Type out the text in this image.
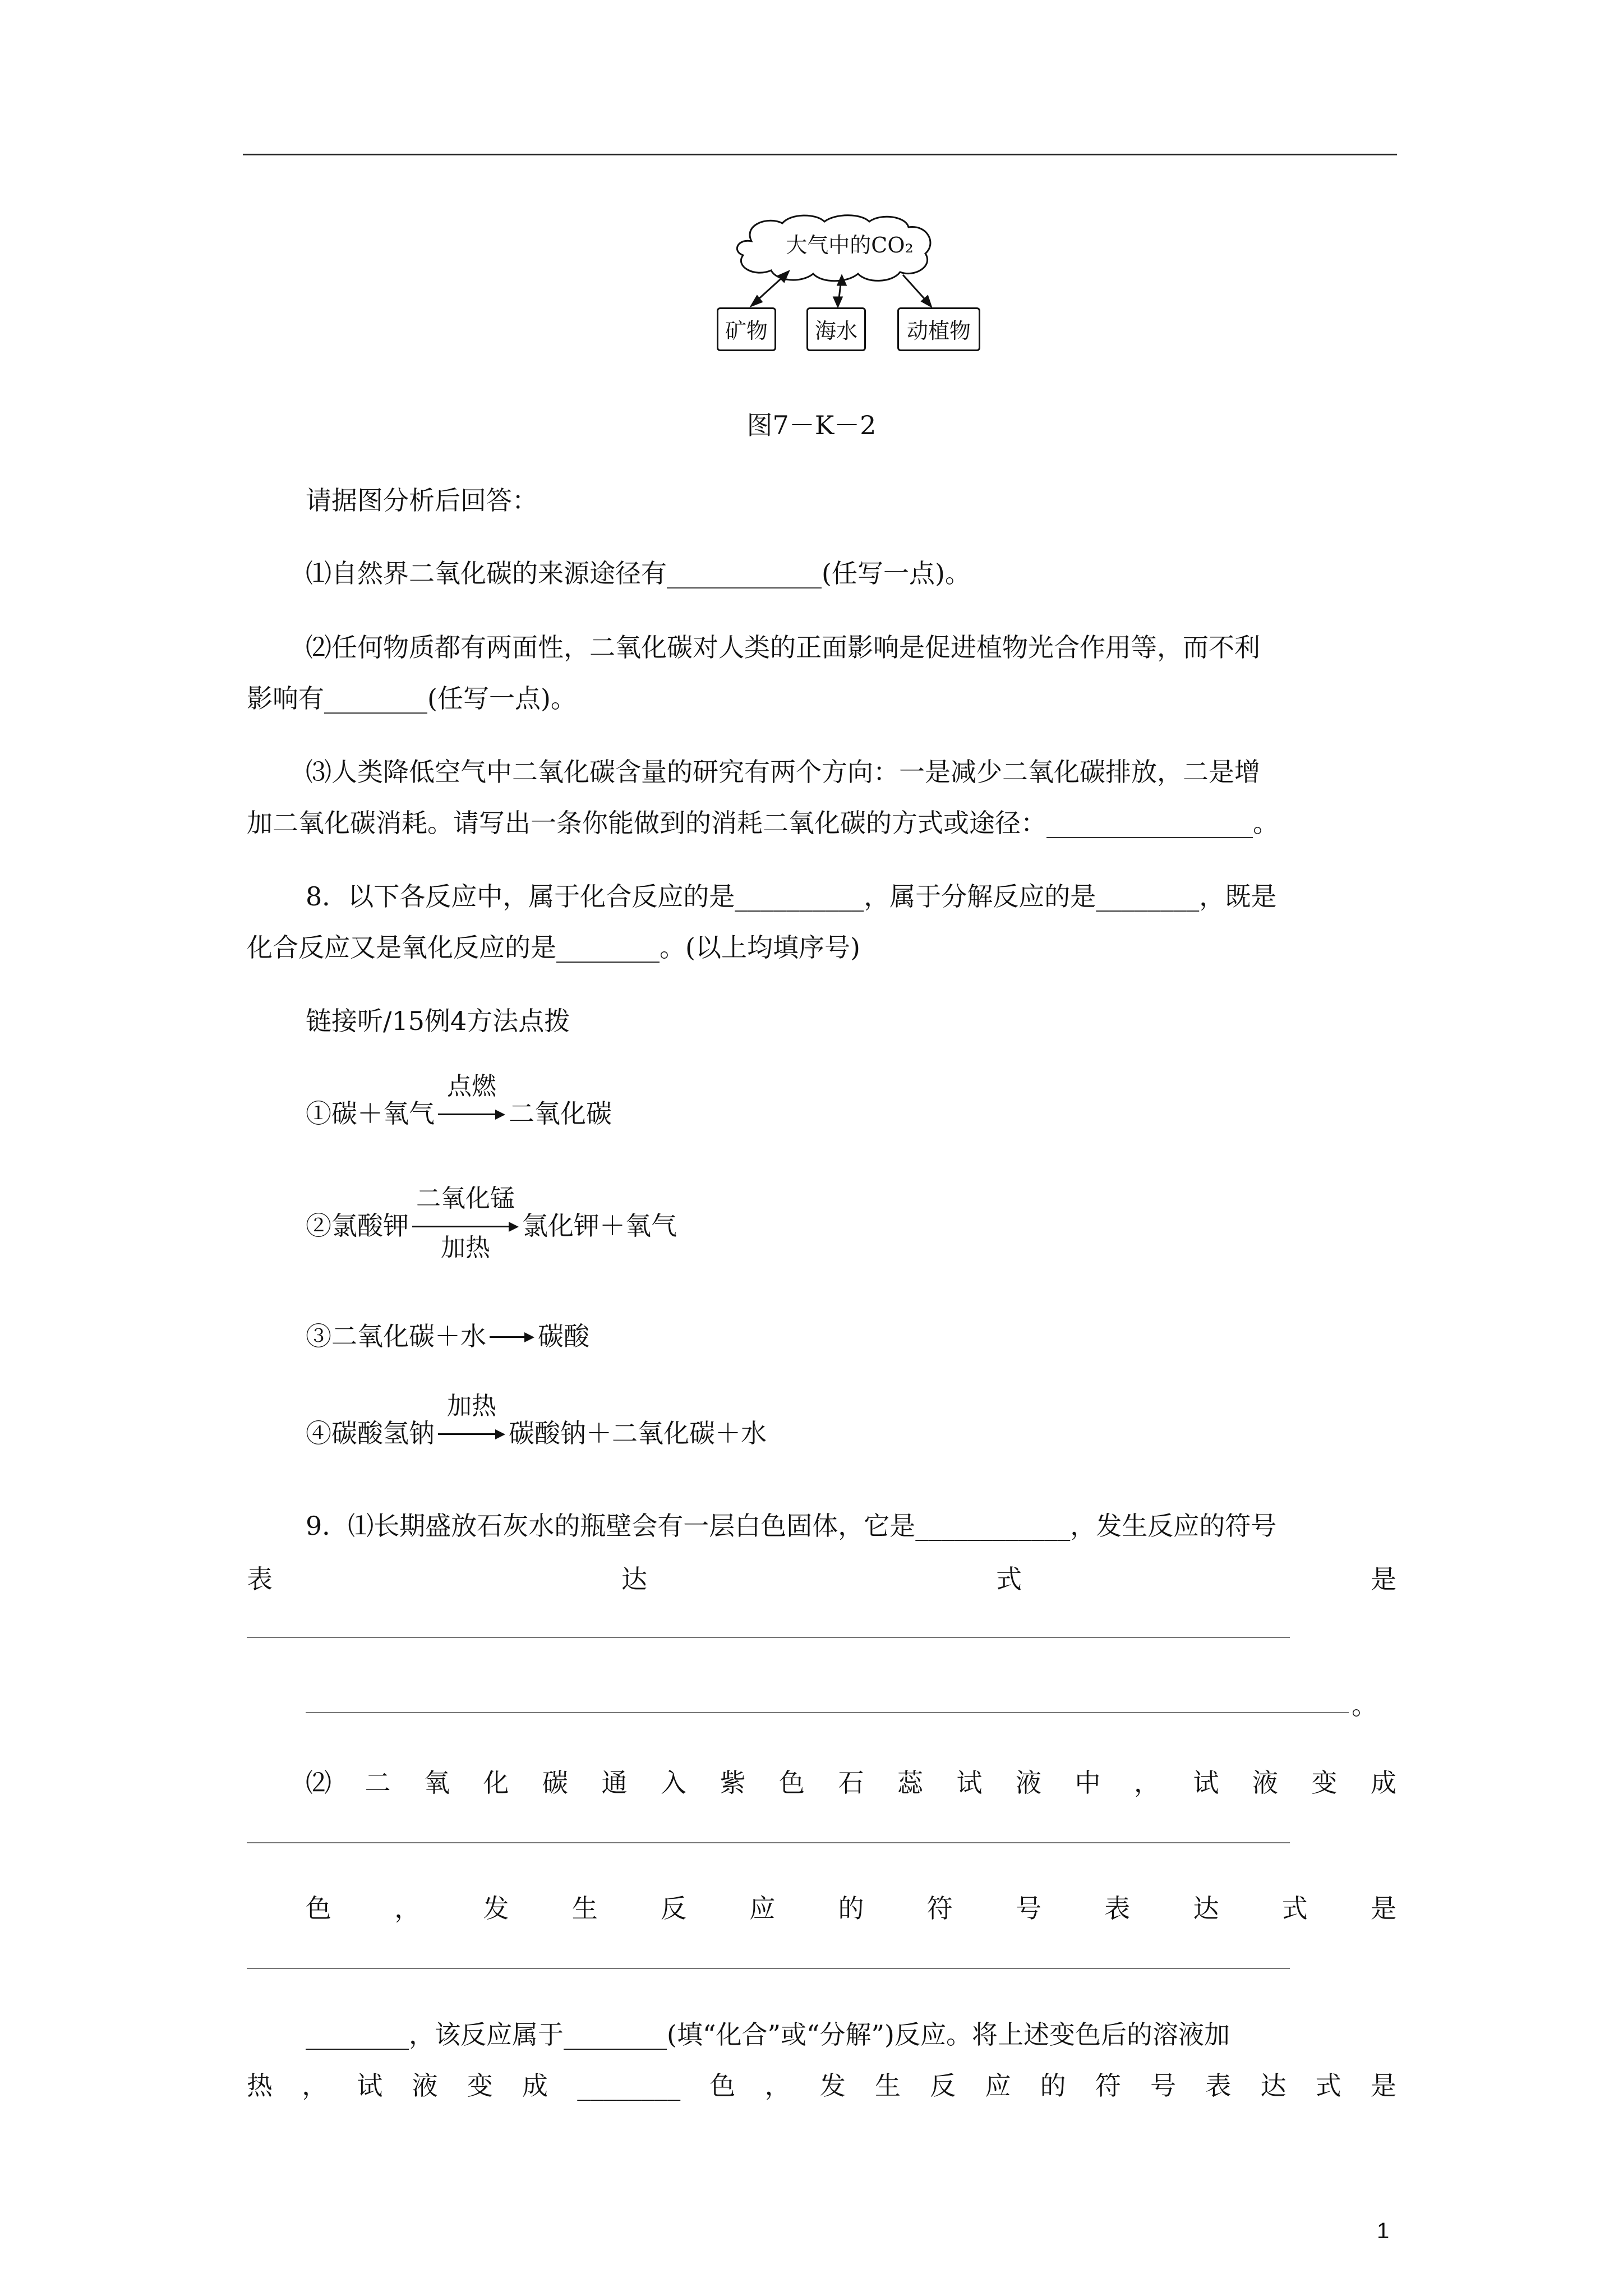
大气中的CO₂
矿物	海水	动植物
图7－K－2
请据图分析后回答：
⑴自然界二氧化碳的来源途径有____________(任写一点)。
⑵任何物质都有两面性，二氧化碳对人类的正面影响是促进植物光合作用等，而不利
影响有________(任写一点)。
⑶人类降低空气中二氧化碳含量的研究有两个方向：一是减少二氧化碳排放，二是增
加二氧化碳消耗。请写出一条你能做到的消耗二氧化碳的方式或途径：________________。
8．以下各反应中，属于化合反应的是__________，属于分解反应的是________，既是
化合反应又是氧化反应的是________。(以上均填序号)
链接听/15例4方法点拨
①碳＋氧气
点燃
二氧化碳
②氯酸钾
二氧化锰
加热
氯化钾＋氧气
③二氧化碳＋水 碳酸
④碳酸氢钠
加热
碳酸钠＋二氧化碳＋水
9．⑴长期盛放石灰水的瓶壁会有一层白色固体，它是____________，发生反应的符号
表	达	式	是
。
⑵ 二 氧 化 碳 通 入 紫 色 石 蕊 试 液 中 ， 试 液 变 成
色 ， 发 生 反 应 的 符 号 表 达 式 是
________，该反应属于________(填“化合”或“分解”)反应。将上述变色后的溶液加
热 ， 试 液 变 成 ________ 色 ， 发 生 反 应 的 符 号 表 达 式 是
1
